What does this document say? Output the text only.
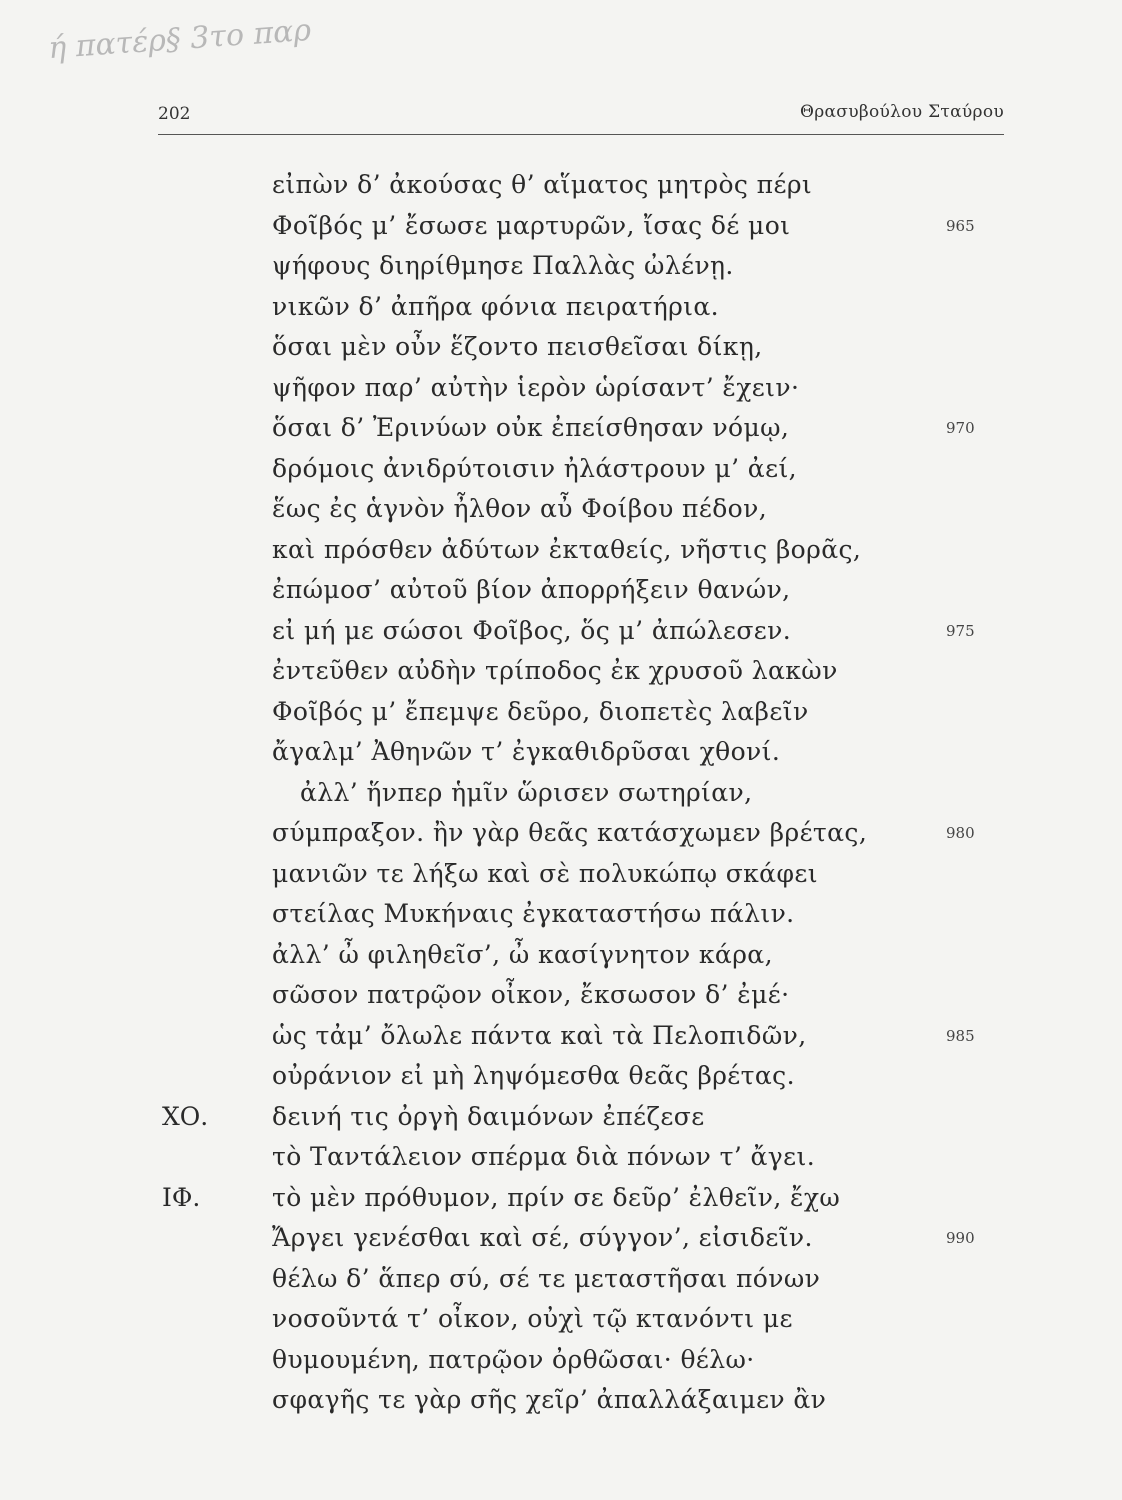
ή πατέρ§ 3το παρ
202	Θρασυβούλου Σταύρου
εἰπὼν δ’ ἀκούσας θ’ αἵματος μητρὸς πέρι
Φοῖβός μ’ ἔσωσε μαρτυρῶν, ἴσας δέ μοι	965
ψήφους διηρίθμησε Παλλὰς ὠλένῃ.
νικῶν δ’ ἀπῆρα φόνια πειρατήρια.
ὅσαι μὲν οὖν ἕζοντο πεισθεῖσαι δίκῃ,
ψῆφον παρ’ αὐτὴν ἱερὸν ὡρίσαντ’ ἔχειν·
ὅσαι δ’ Ἐρινύων οὐκ ἐπείσθησαν νόμῳ,	970
δρόμοις ἀνιδρύτοισιν ἠλάστρουν μ’ ἀεί,
ἕως ἐς ἁγνὸν ἦλθον αὖ Φοίβου πέδον,
καὶ πρόσθεν ἀδύτων ἐκταθείς, νῆστις βορᾶς,
ἐπώμοσ’ αὐτοῦ βίον ἀπορρήξειν θανών,
εἰ μή με σώσοι Φοῖβος, ὅς μ’ ἀπώλεσεν.	975
ἐντεῦθεν αὐδὴν τρίποδος ἐκ χρυσοῦ λακὼν
Φοῖβός μ’ ἔπεμψε δεῦρο, διοπετὲς λαβεῖν
ἄγαλμ’ Ἀθηνῶν τ’ ἐγκαθιδρῦσαι χθονί.
ἀλλ’ ἥνπερ ἡμῖν ὥρισεν σωτηρίαν,
σύμπραξον. ἢν γὰρ θεᾶς κατάσχωμεν βρέτας,	980
μανιῶν τε λήξω καὶ σὲ πολυκώπῳ σκάφει
στείλας Μυκήναις ἐγκαταστήσω πάλιν.
ἀλλ’ ὦ φιληθεῖσ’, ὦ κασίγνητον κάρα,
σῶσον πατρῷον οἶκον, ἔκσωσον δ’ ἐμέ·
ὡς τἀμ’ ὄλωλε πάντα καὶ τὰ Πελοπιδῶν,	985
οὐράνιον εἰ μὴ ληψόμεσθα θεᾶς βρέτας.
ΧΟ.	δεινή τις ὀργὴ δαιμόνων ἐπέζεσε
τὸ Ταντάλειον σπέρμα διὰ πόνων τ’ ἄγει.
ΙΦ.	τὸ μὲν πρόθυμον, πρίν σε δεῦρ’ ἐλθεῖν, ἔχω
Ἄργει γενέσθαι καὶ σέ, σύγγον’, εἰσιδεῖν.	990
θέλω δ’ ἅπερ σύ, σέ τε μεταστῆσαι πόνων
νοσοῦντά τ’ οἶκον, οὐχὶ τῷ κτανόντι με
θυμουμένη, πατρῷον ὀρθῶσαι· θέλω·
σφαγῆς τε γὰρ σῆς χεῖρ’ ἀπαλλάξαιμεν ἂν
